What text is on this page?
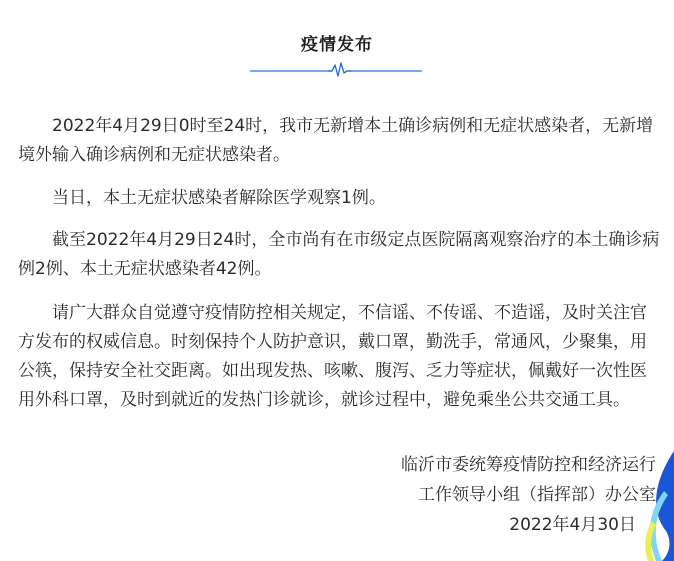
疫情发布

2022年4月29日0时至24时，我市无新增本土确诊病例和无症状感染者，无新增境外输入确诊病例和无症状感染者。

当日，本土无症状感染者解除医学观察1例。

截至2022年4月29日24时，全市尚有在市级定点医院隔离观察治疗的本土确诊病例2例、本土无症状感染者42例。

请广大群众自觉遵守疫情防控相关规定，不信谣、不传谣、不造谣，及时关注官方发布的权威信息。时刻保持个人防护意识，戴口罩，勤洗手，常通风，少聚集，用公筷，保持安全社交距离。如出现发热、咳嗽、腹泻、乏力等症状，佩戴好一次性医用外科口罩，及时到就近的发热门诊就诊，就诊过程中，避免乘坐公共交通工具。

临沂市委统筹疫情防控和经济运行
工作领导小组（指挥部）办公室
2022年4月30日
